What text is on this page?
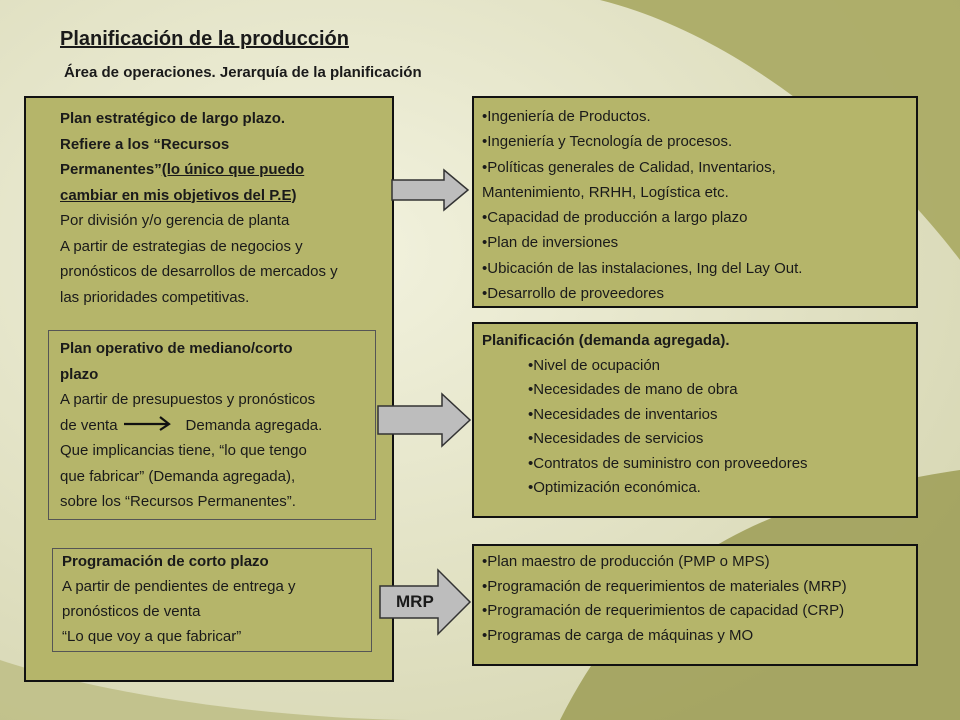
Planificación de la producción
Área de operaciones. Jerarquía de la planificación
Plan estratégico de largo plazo.
Refiere a los “Recursos
Permanentes”(lo único que puedo
cambiar en mis objetivos del P.E)
Por división y/o gerencia de planta
A partir de estrategias de negocios y
pronósticos de desarrollos de mercados y
las prioridades competitivas.
Plan operativo de mediano/corto
plazo
A partir de presupuestos y pronósticos
de venta	Demanda agregada.
Que implicancias tiene, “lo que tengo
que fabricar” (Demanda agregada),
sobre los “Recursos Permanentes”.
Programación de corto plazo
A partir de pendientes de entrega y
pronósticos de venta
“Lo que voy a que fabricar”
MRP
•Ingeniería de Productos.
•Ingeniería y Tecnología de procesos.
•Políticas generales de Calidad, Inventarios,
Mantenimiento, RRHH, Logística etc.
•Capacidad de producción a largo plazo
•Plan de inversiones
•Ubicación de las instalaciones, Ing del Lay Out.
•Desarrollo de proveedores
Planificación (demanda agregada).
•Nivel de ocupación
•Necesidades de mano de obra
•Necesidades de inventarios
•Necesidades de servicios
•Contratos de suministro con proveedores
•Optimización económica.
•Plan maestro de producción (PMP o MPS)
•Programación de requerimientos de materiales (MRP)
•Programación de requerimientos de capacidad (CRP)
•Programas de carga de máquinas y MO
